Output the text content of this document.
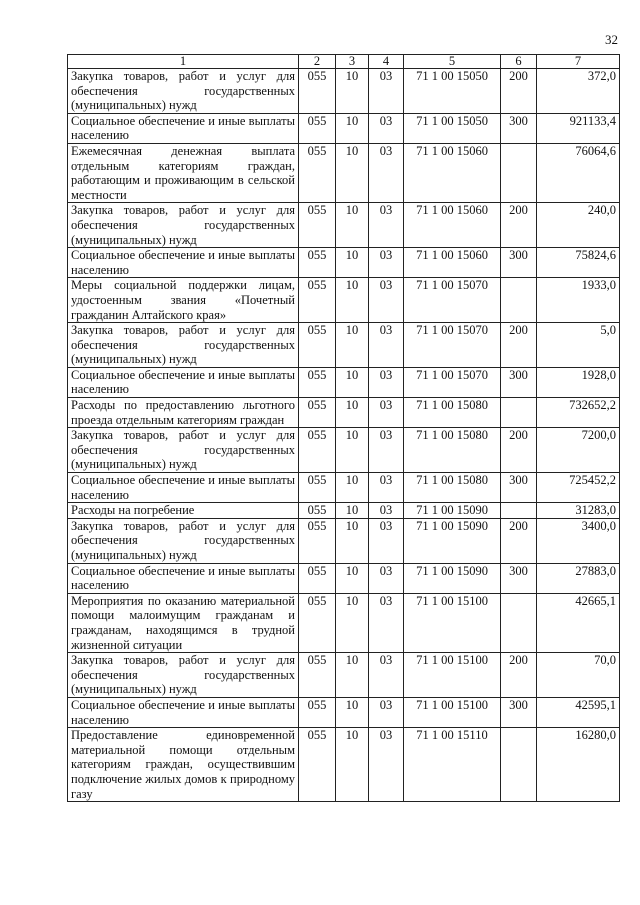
32
1	2	3	4	5	6	7
Закупка товаров, работ и услуг для обеспечения государственных (муниципальных) нужд	055	10	03	71 1 00 15050	200	372,0
Социальное обеспечение и иные выплаты населению	055	10	03	71 1 00 15050	300	921133,4
Ежемесячная денежная выплата отдельным категориям граждан, работающим и проживающим в сельской местности	055	10	03	71 1 00 15060		76064,6
Закупка товаров, работ и услуг для обеспечения государственных (муниципальных) нужд	055	10	03	71 1 00 15060	200	240,0
Социальное обеспечение и иные выплаты населению	055	10	03	71 1 00 15060	300	75824,6
Меры социальной поддержки лицам, удостоенным звания «Почетный гражданин Алтайского края»	055	10	03	71 1 00 15070		1933,0
Закупка товаров, работ и услуг для обеспечения государственных (муниципальных) нужд	055	10	03	71 1 00 15070	200	5,0
Социальное обеспечение и иные выплаты населению	055	10	03	71 1 00 15070	300	1928,0
Расходы по предоставлению льготного проезда отдельным категориям граждан	055	10	03	71 1 00 15080		732652,2
Закупка товаров, работ и услуг для обеспечения государственных (муниципальных) нужд	055	10	03	71 1 00 15080	200	7200,0
Социальное обеспечение и иные выплаты населению	055	10	03	71 1 00 15080	300	725452,2
Расходы на погребение	055	10	03	71 1 00 15090		31283,0
Закупка товаров, работ и услуг для обеспечения государственных (муниципальных) нужд	055	10	03	71 1 00 15090	200	3400,0
Социальное обеспечение и иные выплаты населению	055	10	03	71 1 00 15090	300	27883,0
Мероприятия по оказанию материальной помощи малоимущим гражданам и гражданам, находящимся в трудной жизненной ситуации	055	10	03	71 1 00 15100		42665,1
Закупка товаров, работ и услуг для обеспечения государственных (муниципальных) нужд	055	10	03	71 1 00 15100	200	70,0
Социальное обеспечение и иные выплаты населению	055	10	03	71 1 00 15100	300	42595,1
Предоставление единовременной материальной помощи отдельным категориям граждан, осуществившим подключение жилых домов к природному газу	055	10	03	71 1 00 15110		16280,0
